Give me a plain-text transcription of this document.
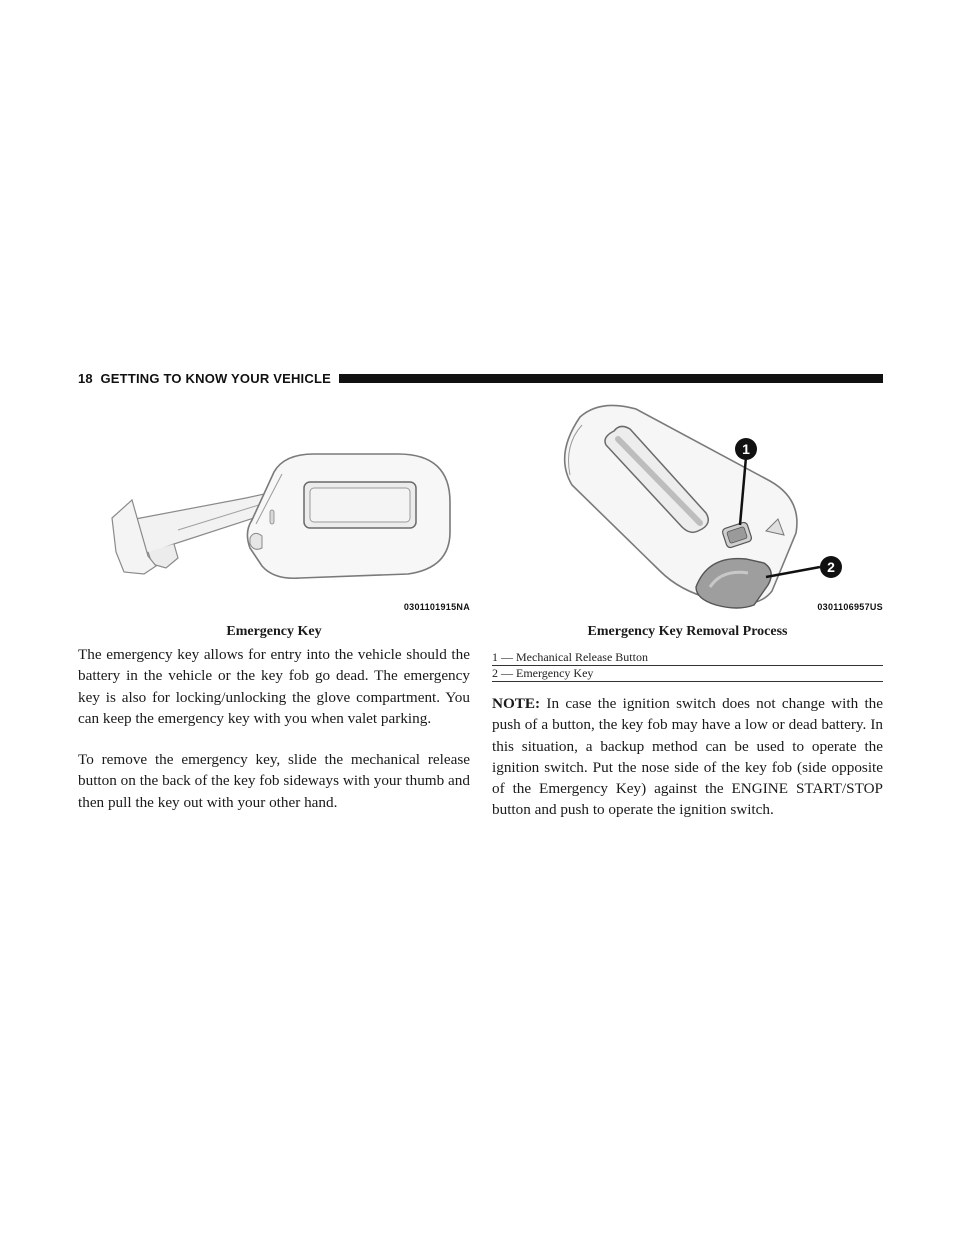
18 GETTING TO KNOW YOUR VEHICLE
0301101915NA
1
2
0301106957US
Emergency Key	Emergency Key Removal Process
1 — Mechanical Release Button
2 — Emergency Key

The emergency key allows for entry into the vehicle should the battery in the vehicle or the key fob go dead. The emergency key is also for locking/unlocking the glove compartment. You can keep the emergency key with you when valet parking.

To remove the emergency key, slide the mechanical release button on the back of the key fob sideways with your thumb and then pull the key out with your other hand.

NOTE: In case the ignition switch does not change with the push of a button, the key fob may have a low or dead battery. In this situation, a backup method can be used to operate the ignition switch. Put the nose side of the key fob (side opposite of the Emergency Key) against the ENGINE START/STOP button and push to operate the ignition switch.
